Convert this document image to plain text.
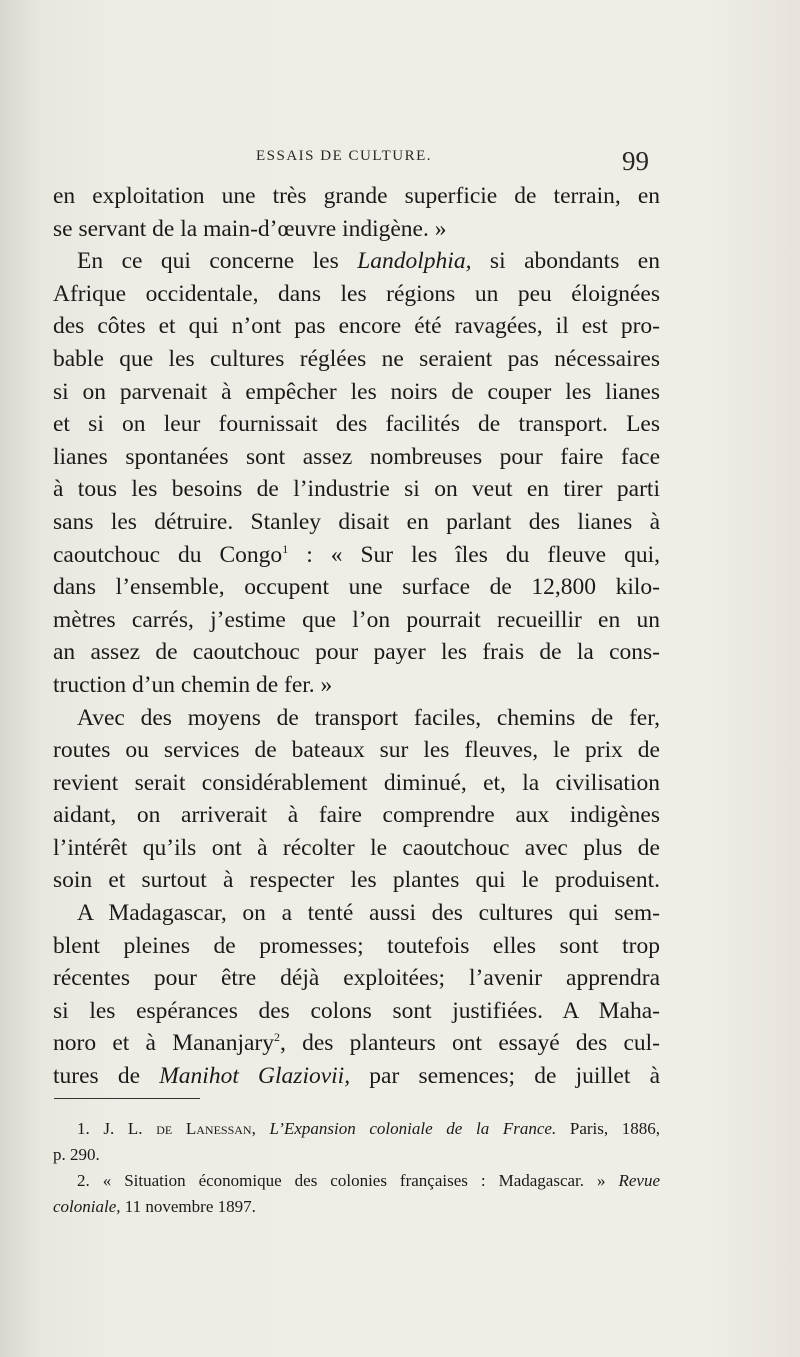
ESSAIS DE CULTURE.	99
en exploitation une très grande superficie de terrain, en
se servant de la main-d’œuvre indigène. »
En ce qui concerne les Landolphia, si abondants en
Afrique occidentale, dans les régions un peu éloignées
des côtes et qui n’ont pas encore été ravagées, il est pro-
bable que les cultures réglées ne seraient pas nécessaires
si on parvenait à empêcher les noirs de couper les lianes
et si on leur fournissait des facilités de transport. Les
lianes spontanées sont assez nombreuses pour faire face
à tous les besoins de l’industrie si on veut en tirer parti
sans les détruire. Stanley disait en parlant des lianes à
caoutchouc du Congo$^1$ : « Sur les îles du fleuve qui,
dans l’ensemble, occupent une surface de 12,800 kilo-
mètres carrés, j’estime que l’on pourrait recueillir en un
an assez de caoutchouc pour payer les frais de la cons-
truction d’un chemin de fer. »
Avec des moyens de transport faciles, chemins de fer,
routes ou services de bateaux sur les fleuves, le prix de
revient serait considérablement diminué, et, la civilisation
aidant, on arriverait à faire comprendre aux indigènes
l’intérêt qu’ils ont à récolter le caoutchouc avec plus de
soin et surtout à respecter les plantes qui le produisent.
A Madagascar, on a tenté aussi des cultures qui sem-
blent pleines de promesses; toutefois elles sont trop
récentes pour être déjà exploitées; l’avenir apprendra
si les espérances des colons sont justifiées. A Maha-
noro et à Mananjary$^2$, des planteurs ont essayé des cul-
tures de Manihot Glaziovii, par semences; de juillet à
1. J. L. de Lanessan, L’Expansion coloniale de la France. Paris, 1886,
p. 290.
2. « Situation économique des colonies françaises : Madagascar. » Revue
coloniale, 11 novembre 1897.
